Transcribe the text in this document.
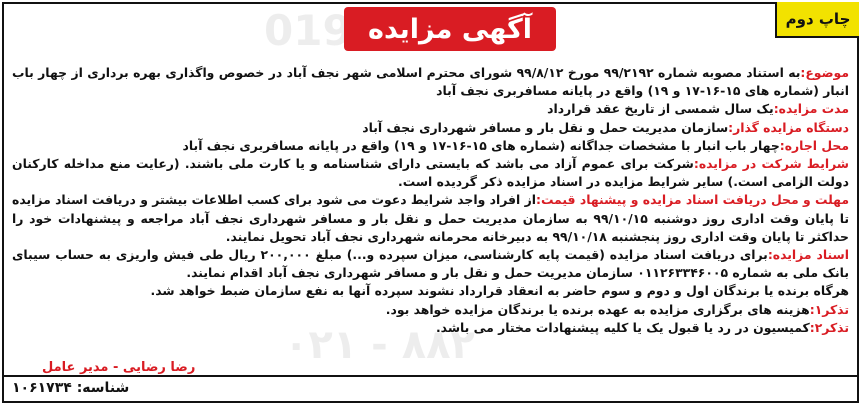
0191
۰۲۱ - ۸۸۲
آگهی مزایده	چاپ دوم

موضوع:به استناد مصوبه شماره ۹۹/۲۱۹۲ مورخ ۹۹/۸/۱۲ شورای محترم اسلامی شهر نجف آباد در خصوص واگذاری بهره برداری از چهار باب انبار (شماره های ۱۵-۱۶-۱۷ و ۱۹) واقع در پایانه مسافربری نجف آباد

مدت مزایده:یک سال شمسی از تاریخ عقد قرارداد

دستگاه مزایده گذار:سازمان مدیریت حمل و نقل بار و مسافر شهرداری نجف آباد

محل اجاره:چهار باب انبار با مشخصات جداگانه (شماره های ۱۵-۱۶-۱۷ و ۱۹) واقع در پایانه مسافربری نجف آباد

شرایط شرکت در مزایده:شرکت برای عموم آزاد می باشد که بایستی دارای شناسنامه و یا کارت ملی باشند. (رعایت منع مداخله کارکنان دولت الزامی است.) سایر شرایط مزایده در اسناد مزایده ذکر گردیده است.

مهلت و محل دریافت اسناد مزایده و پیشنهاد قیمت:از افراد واجد شرایط دعوت می شود برای کسب اطلاعات بیشتر و دریافت اسناد مزایده تا پایان وقت اداری روز دوشنبه ۹۹/۱۰/۱۵ به سازمان مدیریت حمل و نقل بار و مسافر شهرداری نجف آباد مراجعه و پیشنهادات خود را حداکثر تا پایان وقت اداری روز پنجشنبه ۹۹/۱۰/۱۸ به دبیرخانه محرمانه شهرداری نجف آباد تحویل نمایند.

اسناد مزایده:برای دریافت اسناد مزایده (قیمت پایه کارشناسی، میزان سپرده و...) مبلغ ۲۰۰,۰۰۰ ریال طی فیش واریزی به حساب سیبای بانک ملی به شماره ۰۱۱۲۶۳۳۴۶۰۰۵ سازمان مدیریت حمل و نقل بار و مسافر شهرداری نجف آباد اقدام نمایند.

هرگاه برنده یا برندگان اول و دوم و سوم حاضر به انعقاد قرارداد نشوند سپرده آنها به نفع سازمان ضبط خواهد شد.

تذکر۱:هزینه های برگزاری مزایده به عهده برنده یا برندگان مزایده خواهد بود.

تذکر۲:کمیسیون در رد یا قبول یک یا کلیه پیشنهادات مختار می باشد.

رضا رضایی - مدیر عامل
شناسه: ۱۰۶۱۷۳۴
